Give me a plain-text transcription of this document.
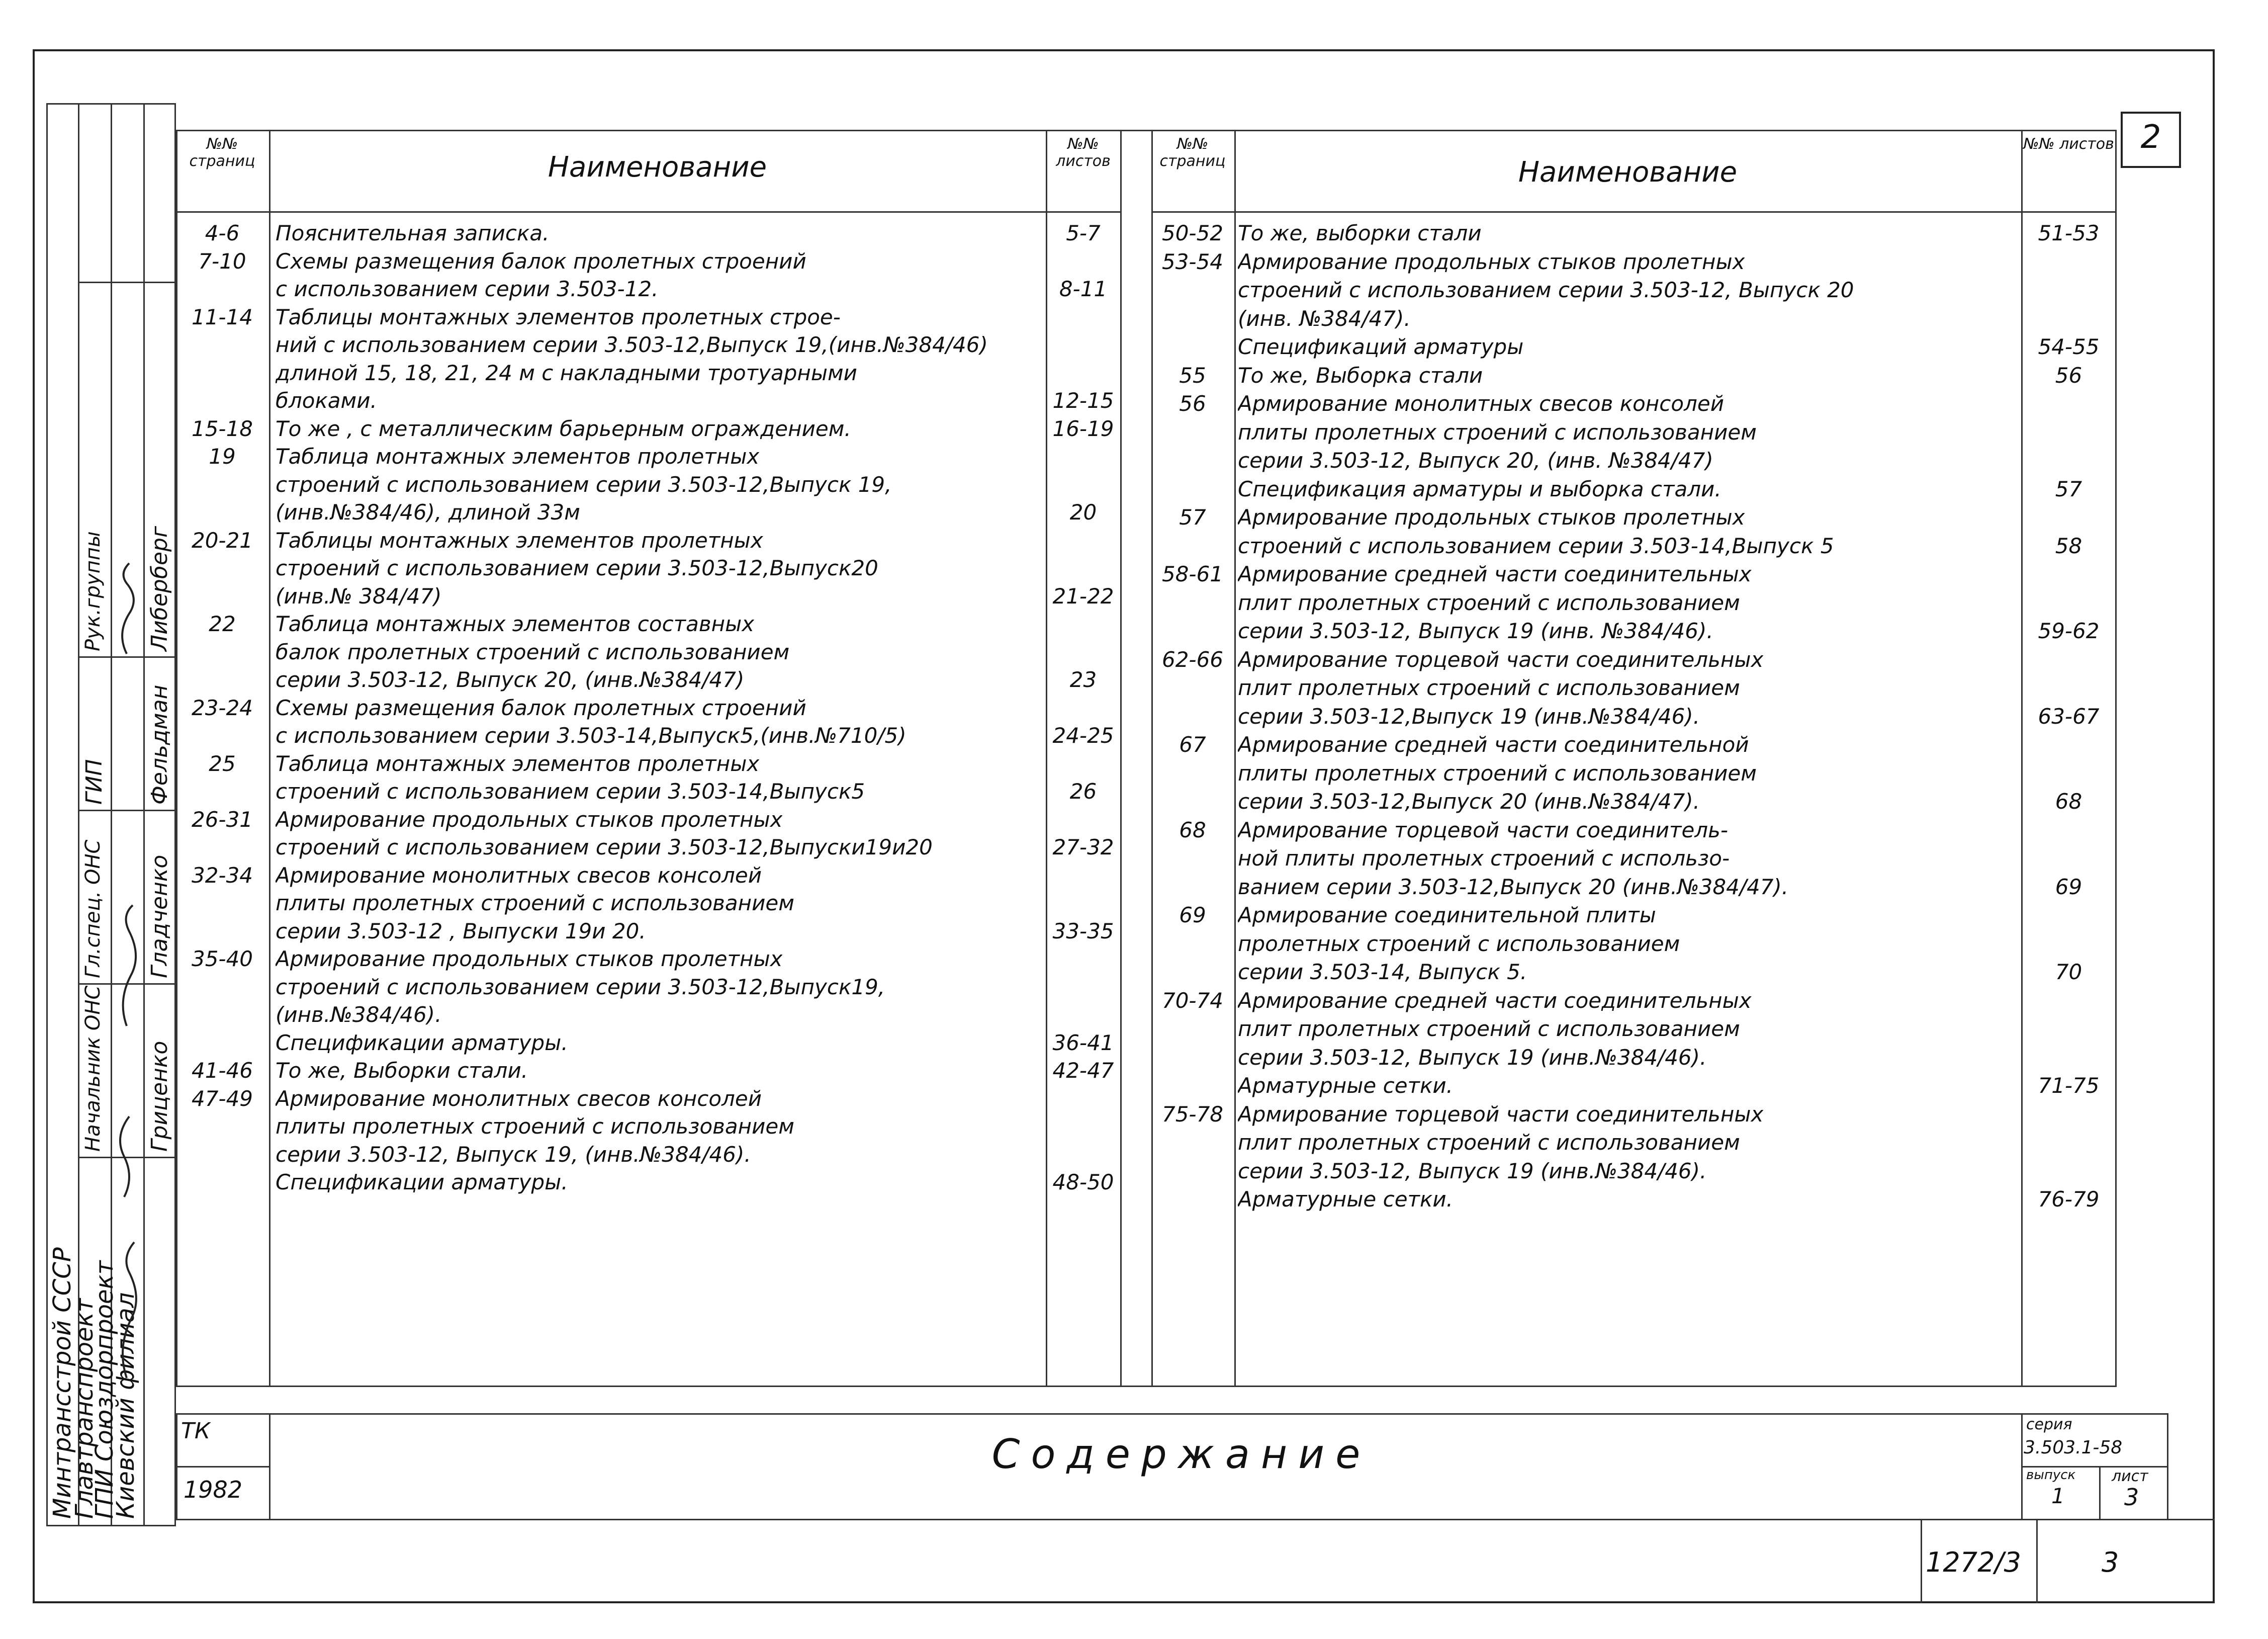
2
Минтрансстрой СССР
Главтранспроект
ГПИ Союздорпроект
Киевский филиал
Начальник ОНС Гриценко
Гл.спец. ОНС Гладченко
ГИП Фельдман
Рук.группы Либерберг
№№ страниц	Наименование
№№ листов
№№ страниц	Наименование
№№ листов
ТК
1982
Содержание
серия
3.503.1-58
выпуск
1
лист
3
1272/3	3
4-6	Пояснительная записка.	5-7
7-10	Схемы размещения балок пролетных строений
с использованием серии 3.503-12.	8-11
11-14	Таблицы монтажных элементов пролетных строе-
ний с использованием серии 3.503-12,Выпуск 19,(инв.№384/46)
длиной 15, 18, 21, 24 м с накладными тротуарными
блоками.	12-15
15-18	То же , с металлическим барьерным ограждением.	16-19
19	Таблица монтажных элементов пролетных
строений с использованием серии 3.503-12,Выпуск 19,
(инв.№384/46), длиной 33м	20
20-21	Таблицы монтажных элементов пролетных
строений с использованием серии 3.503-12,Выпуск20
(инв.№ 384/47)	21-22
22	Таблица монтажных элементов составных
балок пролетных строений с использованием
серии 3.503-12, Выпуск 20, (инв.№384/47)	23
23-24	Схемы размещения балок пролетных строений
с использованием серии 3.503-14,Выпуск5,(инв.№710/5)	24-25
25	Таблица монтажных элементов пролетных
строений с использованием серии 3.503-14,Выпуск5	26
26-31	Армирование продольных стыков пролетных
строений с использованием серии 3.503-12,Выпуски19и20	27-32
32-34	Армирование монолитных свесов консолей
плиты пролетных строений с использованием
серии 3.503-12 , Выпуски 19и 20.	33-35
35-40	Армирование продольных стыков пролетных
строений с использованием серии 3.503-12,Выпуск19,
(инв.№384/46).
Спецификации арматуры.	36-41
41-46	То же, Выборки стали.	42-47
47-49	Армирование монолитных свесов консолей
плиты пролетных строений с использованием
серии 3.503-12, Выпуск 19, (инв.№384/46).
Спецификации арматуры.	48-50
50-52 То же, выборки стали	51-53
53-54 Армирование продольных стыков пролетных
строений с использованием серии 3.503-12, Выпуск 20
(инв. №384/47).
Спецификаций арматуры	54-55
55	То же, Выборка стали	56
56	Армирование монолитных свесов консолей
плиты пролетных строений с использованием
серии 3.503-12, Выпуск 20, (инв. №384/47)
Спецификация арматуры и выборка стали.	57
57	Армирование продольных стыков пролетных
строений с использованием серии 3.503-14,Выпуск 5	58
58-61 Армирование средней части соединительных
плит пролетных строений с использованием
серии 3.503-12, Выпуск 19 (инв. №384/46).	59-62
62-66 Армирование торцевой части соединительных
плит пролетных строений с использованием
серии 3.503-12,Выпуск 19 (инв.№384/46).	63-67
67	Армирование средней части соединительной
плиты пролетных строений с использованием
серии 3.503-12,Выпуск 20 (инв.№384/47).	68
68	Армирование торцевой части соединитель-
ной плиты пролетных строений с использо-
ванием серии 3.503-12,Выпуск 20 (инв.№384/47).	69
69	Армирование соединительной плиты
пролетных строений с использованием
серии 3.503-14, Выпуск 5.	70
70-74 Армирование средней части соединительных
плит пролетных строений с использованием
серии 3.503-12, Выпуск 19 (инв.№384/46).
Арматурные сетки.	71-75
75-78 Армирование торцевой части соединительных
плит пролетных строений с использованием
серии 3.503-12, Выпуск 19 (инв.№384/46).
Арматурные сетки.	76-79
